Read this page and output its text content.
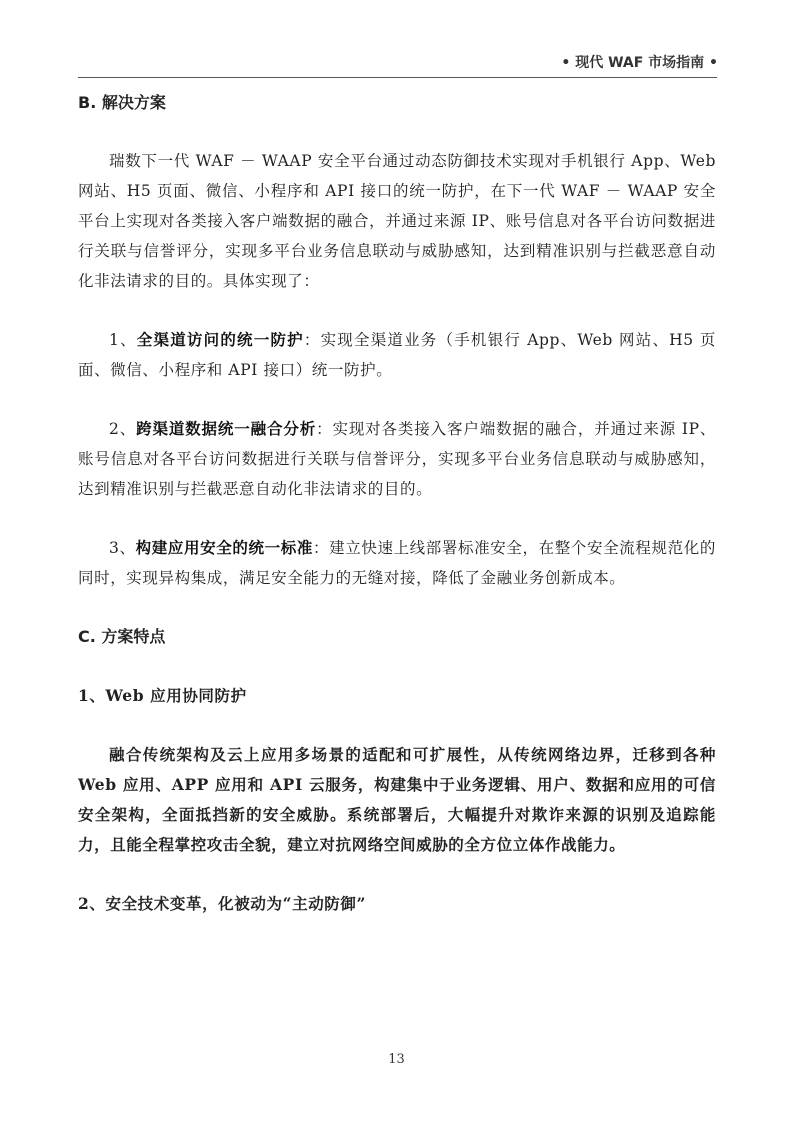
• 现代 WAF 市场指南 •
B. 解决方案

瑞数下一代 WAF － WAAP 安全平台通过动态防御技术实现对手机银行 App、Web 网站、H5 页面、微信、小程序和 API 接口的统一防护，在下一代 WAF － WAAP 安全平台上实现对各类接入客户端数据的融合，并通过来源 IP、账号信息对各平台访问数据进行关联与信誉评分，实现多平台业务信息联动与威胁感知，达到精准识别与拦截恶意自动化非法请求的目的。具体实现了：

1、全渠道访问的统一防护：实现全渠道业务（手机银行 App、Web 网站、H5 页面、微信、小程序和 API 接口）统一防护。

2、跨渠道数据统一融合分析：实现对各类接入客户端数据的融合，并通过来源 IP、账号信息对各平台访问数据进行关联与信誉评分，实现多平台业务信息联动与威胁感知，达到精准识别与拦截恶意自动化非法请求的目的。

3、构建应用安全的统一标准：建立快速上线部署标准安全，在整个安全流程规范化的同时，实现异构集成，满足安全能力的无缝对接，降低了金融业务创新成本。

C. 方案特点
1、Web 应用协同防护

融合传统架构及云上应用多场景的适配和可扩展性，从传统网络边界，迁移到各种 Web 应用、APP 应用和 API 云服务，构建集中于业务逻辑、用户、数据和应用的可信安全架构，全面抵挡新的安全威胁。系统部署后，大幅提升对欺诈来源的识别及追踪能力，且能全程掌控攻击全貌，建立对抗网络空间威胁的全方位立体作战能力。

2、安全技术变革，化被动为“主动防御”
13
